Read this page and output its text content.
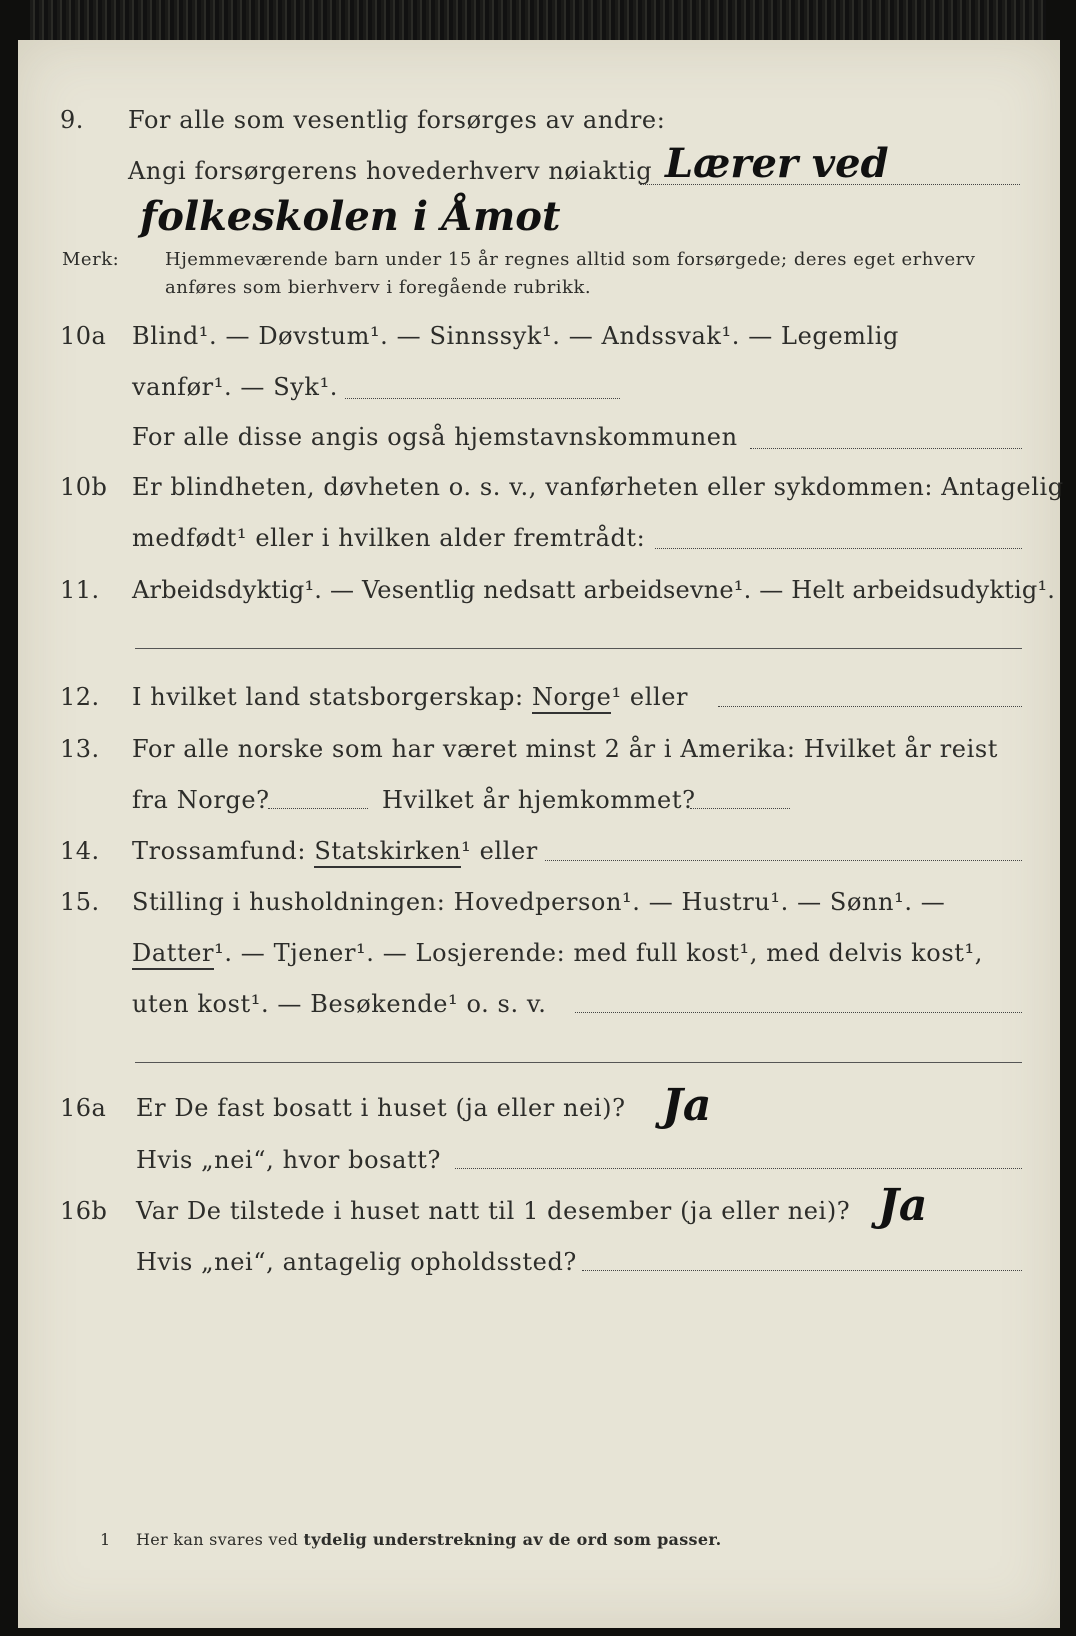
9. For alle som vesentlig forsørges av andre:
Angi forsørgerens hovederhverv nøiaktig Lærer ved
folkeskolen i Åmot
Merk:	Hjemmeværende barn under 15 år regnes alltid som forsørgede; deres eget erhverv
anføres som bierhverv i foregående rubrikk.
10a Blind¹. — Døvstum¹. — Sinnssyk¹. — Andssvak¹. — Legemlig
vanfør¹. — Syk¹.
For alle disse angis også hjemstavnskommunen
10b Er blindheten, døvheten o. s. v., vanførheten eller sykdommen: Antagelig
medfødt¹ eller i hvilken alder fremtrådt:
11. Arbeidsdyktig¹. — Vesentlig nedsatt arbeidsevne¹. — Helt arbeidsudyktig¹.
12. I hvilket land statsborgerskap: Norge¹ eller
13. For alle norske som har været minst 2 år i Amerika: Hvilket år reist
fra Norge?	Hvilket år hjemkommet?
14. Trossamfund: Statskirken¹ eller
15. Stilling i husholdningen: Hovedperson¹. — Hustru¹. — Sønn¹. —
Datter¹. — Tjener¹. — Losjerende: med full kost¹, med delvis kost¹,
uten kost¹. — Besøkende¹ o. s. v.
16a Er De fast bosatt i huset (ja eller nei)? Ja
Hvis „nei“, hvor bosatt?
16b Var De tilstede i huset natt til 1 desember (ja eller nei)? Ja
Hvis „nei“, antagelig opholdssted?
1 Her kan svares ved tydelig understrekning av de ord som passer.
